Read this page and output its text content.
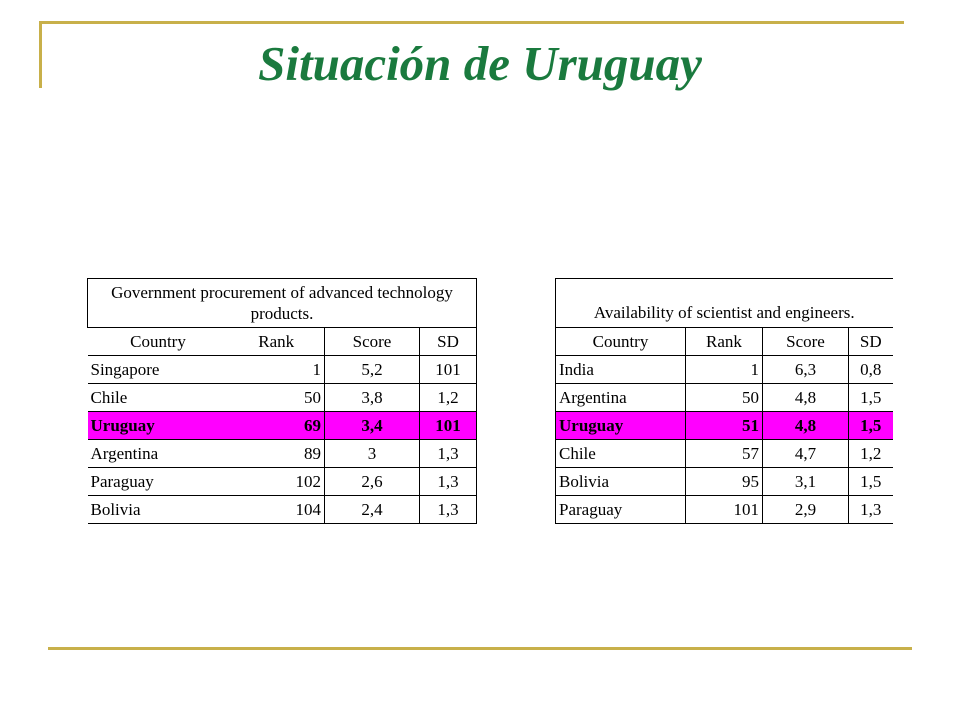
Situación de Uruguay
Government procurement of advanced technology products.			
Country	Rank	Score	SD
Singapore	1	5,2	101
Chile	50	3,8	1,2
Uruguay	69	3,4	101
Argentina	89	3	1,3
Paraguay	102	2,6	1,3
Bolivia	104	2,4	1,3
Availability of scientist and engineers.			
Country	Rank	Score	SD
India	1	6,3	0,8
Argentina	50	4,8	1,5
Uruguay	51	4,8	1,5
Chile	57	4,7	1,2
Bolivia	95	3,1	1,5
Paraguay	101	2,9	1,3
